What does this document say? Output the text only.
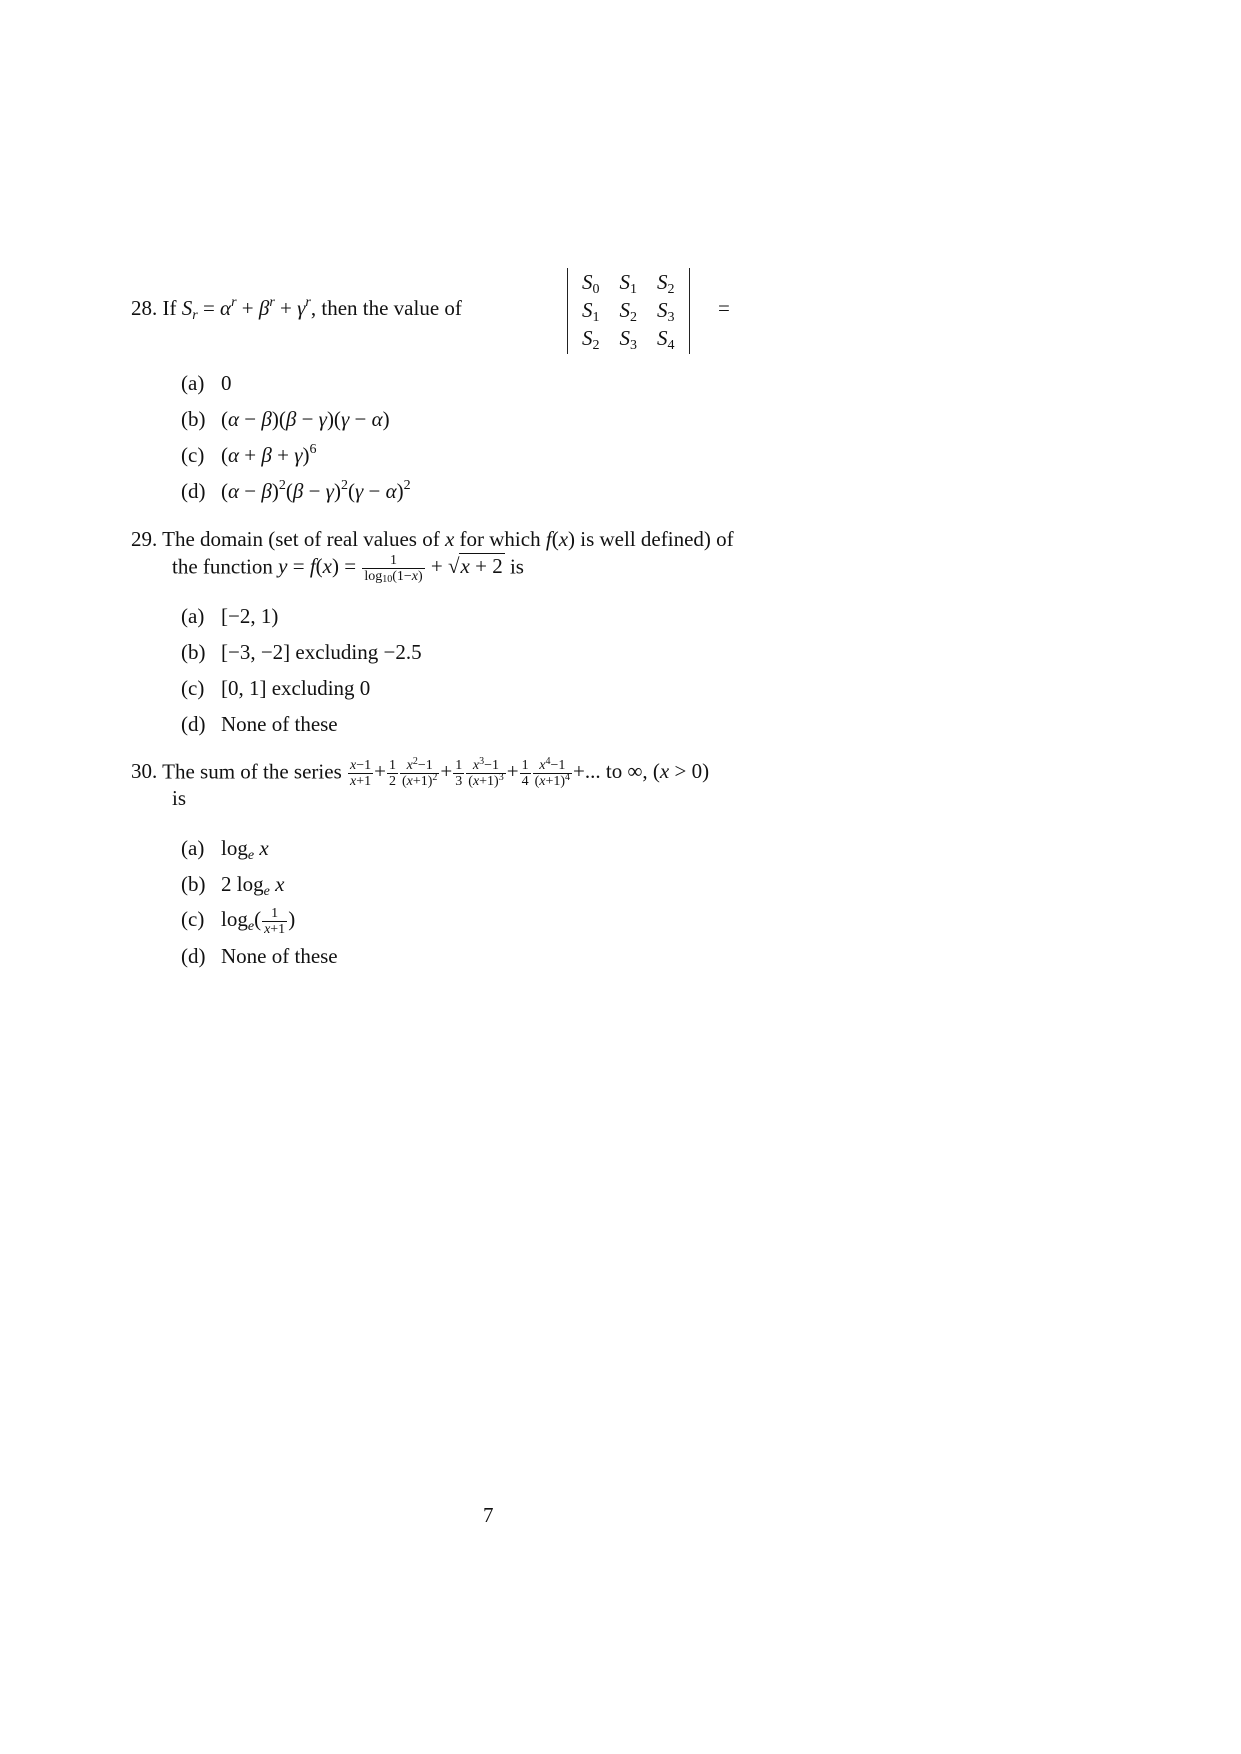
28. If $S_r = \alpha^r + \beta^r + \gamma^r$, then the value of
$S_0$	$S_1$	$S_2$
$S_1$	$S_2$	$S_3$
$S_2$	$S_3$	$S_4$
=
(a) 0
(b) (α − β)(β − γ)(γ − α)
(c) $(\alpha + \beta + \gamma)^6$
(d) $(\alpha - \beta)^2(\beta - \gamma)^2(\gamma - \alpha)^2$
29. The domain (set of real values of x for which f(x) is well defined) of
the function $y = f(x) = \frac{1}{\log_{10}(1-x)} + √x + 2$ is
(a) [−2, 1)
(b) [−3, −2] excluding −2.5
(c) [0, 1] excluding 0
(d) None of these
30. The sum of the series $\frac{x-1}{x+1} + \frac{1}{2} \frac{x^2-1}{(x+1)^2} + \frac{1}{3} \frac{x^3-1}{(x+1)^3} + \frac{1}{4} \frac{x^4-1}{(x+1)^4}$ +... to ∞, (x > 0)
is
(a) $\log_e x$
(b) 2 $\log_e x$
(c) $\log_e( \frac{1}{x+1}$ )
(d) None of these
7
